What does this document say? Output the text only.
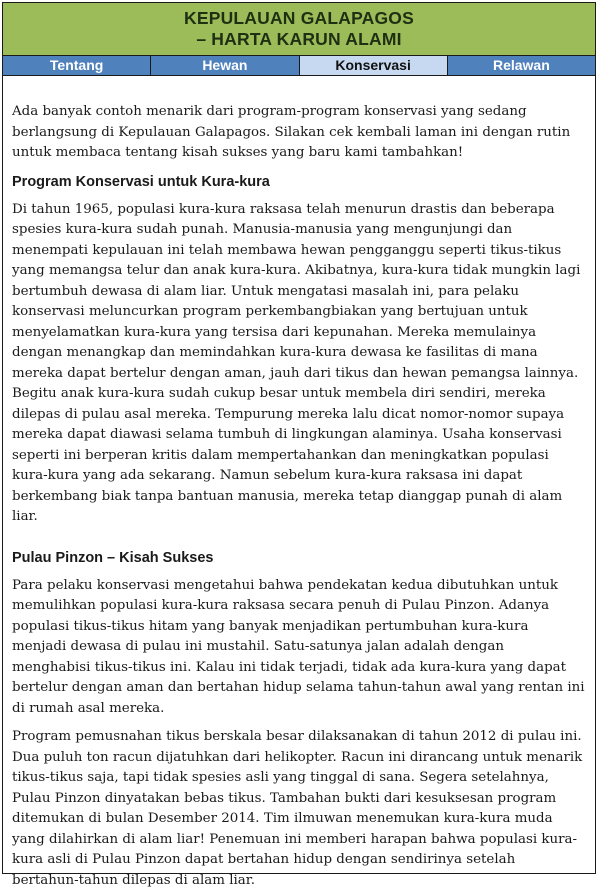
KEPULAUAN GALAPAGOS
– HARTA KARUN ALAMI
Tentang	Hewan	Konservasi	Relawan

Ada banyak contoh menarik dari program-program konservasi yang sedang berlangsung di Kepulauan Galapagos. Silakan cek kembali laman ini dengan rutin untuk membaca tentang kisah sukses yang baru kami tambahkan!

Program Konservasi untuk Kura-kura

Di tahun 1965, populasi kura-kura raksasa telah menurun drastis dan beberapa spesies kura-kura sudah punah. Manusia-manusia yang mengunjungi dan menempati kepulauan ini telah membawa hewan pengganggu seperti tikus-tikus yang memangsa telur dan anak kura-kura. Akibatnya, kura-kura tidak mungkin lagi bertumbuh dewasa di alam liar. Untuk mengatasi masalah ini, para pelaku konservasi meluncurkan program perkembangbiakan yang bertujuan untuk menyelamatkan kura-kura yang tersisa dari kepunahan. Mereka memulainya dengan menangkap dan memindahkan kura-kura dewasa ke fasilitas di mana mereka dapat bertelur dengan aman, jauh dari tikus dan hewan pemangsa lainnya. Begitu anak kura-kura sudah cukup besar untuk membela diri sendiri, mereka dilepas di pulau asal mereka. Tempurung mereka lalu dicat nomor-nomor supaya mereka dapat diawasi selama tumbuh di lingkungan alaminya. Usaha konservasi seperti ini berperan kritis dalam mempertahankan dan meningkatkan populasi kura-kura yang ada sekarang. Namun sebelum kura-kura raksasa ini dapat berkembang biak tanpa bantuan manusia, mereka tetap dianggap punah di alam liar.

Pulau Pinzon – Kisah Sukses

Para pelaku konservasi mengetahui bahwa pendekatan kedua dibutuhkan untuk memulihkan populasi kura-kura raksasa secara penuh di Pulau Pinzon. Adanya populasi tikus-tikus hitam yang banyak menjadikan pertumbuhan kura-kura menjadi dewasa di pulau ini mustahil. Satu-satunya jalan adalah dengan menghabisi tikus-tikus ini. Kalau ini tidak terjadi, tidak ada kura-kura yang dapat bertelur dengan aman dan bertahan hidup selama tahun-tahun awal yang rentan ini di rumah asal mereka.

Program pemusnahan tikus berskala besar dilaksanakan di tahun 2012 di pulau ini. Dua puluh ton racun dijatuhkan dari helikopter. Racun ini dirancang untuk menarik tikus-tikus saja, tapi tidak spesies asli yang tinggal di sana. Segera setelahnya, Pulau Pinzon dinyatakan bebas tikus. Tambahan bukti dari kesuksesan program ditemukan di bulan Desember 2014. Tim ilmuwan menemukan kura-kura muda yang dilahirkan di alam liar! Penemuan ini memberi harapan bahwa populasi kura-kura asli di Pulau Pinzon dapat bertahan hidup dengan sendirinya setelah bertahun-tahun dilepas di alam liar.
